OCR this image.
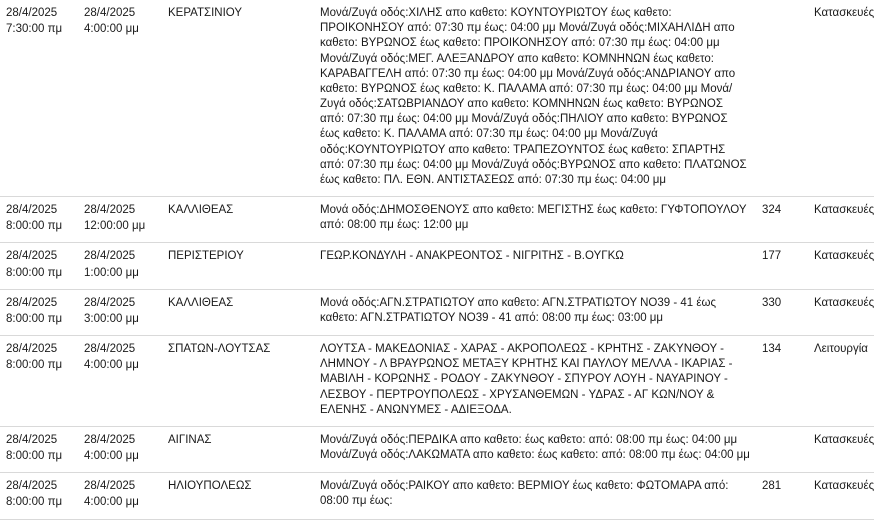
28/4/2025
7:30:00 πμ

28/4/2025
4:00:00 μμ
	ΚΕΡΑΤΣΙΝΙΟΥ	Μονά/Ζυγά οδός:ΧΙΛΗΣ απο καθετο: ΚΟΥΝΤΟΥΡΙΩΤΟΥ έως καθετο: ΠΡΟΙΚΟΝΗΣΟΥ από: 07:30 πμ έως: 04:00 μμ Μονά/Ζυγά οδός:ΜΙΧΑΗΛΙΔΗ απο καθετο: ΒΥΡΩΝΟΣ έως καθετο: ΠΡΟΙΚΟΝΗΣΟΥ από: 07:30 πμ έως: 04:00 μμ Μονά/Ζυγά οδός:ΜΕΓ. ΑΛΕΞΑΝΔΡΟΥ απο καθετο: ΚΟΜΝΗΝΩΝ έως καθετο: ΚΑΡΑΒΑΓΓΕΛΗ από: 07:30 πμ έως: 04:00 μμ Μονά/Ζυγά οδός:ΑΝΔΡΙΑΝΟΥ απο καθετο: ΒΥΡΩΝΟΣ έως καθετο: Κ. ΠΑΛΑΜΑ από: 07:30 πμ έως: 04:00 μμ Μονά/Ζυγά οδός:ΣΑΤΩΒΡΙΑΝΔΟΥ απο καθετο: ΚΟΜΝΗΝΩΝ έως καθετο: ΒΥΡΩΝΟΣ από: 07:30 πμ έως: 04:00 μμ Μονά/Ζυγά οδός:ΠΗΛΙΟΥ απο καθετο: ΒΥΡΩΝΟΣ έως καθετο: Κ. ΠΑΛΑΜΑ από: 07:30 πμ έως: 04:00 μμ Μονά/Ζυγά οδός:ΚΟΥΝΤΟΥΡΙΩΤΟΥ απο καθετο: ΤΡΑΠΕΖΟΥΝΤΟΣ έως καθετο: ΣΠΑΡΤΗΣ από: 07:30 πμ έως: 04:00 μμ Μονά/Ζυγά οδός:ΒΥΡΩΝΟΣ απο καθετο: ΠΛΑΤΩΝΟΣ έως καθετο: ΠΛ. ΕΘΝ. ΑΝΤΙΣΤΑΣΕΩΣ από: 07:30 πμ έως: 04:00 μμ		Κατασκευές

28/4/2025
8:00:00 πμ

28/4/2025
12:00:00 μμ
	ΚΑΛΛΙΘΕΑΣ	Μονά οδός:ΔΗΜΟΣΘΕΝΟΥΣ απο καθετο: ΜΕΓΙΣΤΗΣ έως καθετο: ΓΥΦΤΟΠΟΥΛΟΥ από: 08:00 πμ έως: 12:00 μμ	324	Κατασκευές

28/4/2025
8:00:00 πμ

28/4/2025
1:00:00 μμ
	ΠΕΡΙΣΤΕΡΙΟΥ	ΓΕΩΡ.ΚΟΝΔΥΛΗ - ΑΝΑΚΡΕΟΝΤΟΣ - ΝΙΓΡΙΤΗΣ - Β.ΟΥΓΚΩ	177	Κατασκευές

28/4/2025
8:00:00 πμ

28/4/2025
3:00:00 μμ
	ΚΑΛΛΙΘΕΑΣ	Μονά οδός:ΑΓΝ.ΣΤΡΑΤΙΩΤΟΥ απο καθετο: ΑΓΝ.ΣΤΡΑΤΙΩΤΟΥ ΝΟ39 - 41 έως καθετο: ΑΓΝ.ΣΤΡΑΤΙΩΤΟΥ ΝΟ39 - 41 από: 08:00 πμ έως: 03:00 μμ	330	Κατασκευές

28/4/2025
8:00:00 πμ

28/4/2025
4:00:00 μμ
	ΣΠΑΤΩΝ-ΛΟΥΤΣΑΣ	ΛΟΥΤΣΑ - ΜΑΚΕΔΟΝΙΑΣ - ΧΑΡΑΣ - ΑΚΡΟΠΟΛΕΩΣ - ΚΡΗΤΗΣ - ΖΑΚΥΝΘΟΥ - ΛΗΜΝΟΥ - Λ ΒΡΑΥΡΩΝΟΣ ΜΕΤΑΞΥ ΚΡΗΤΗΣ ΚΑΙ ΠΑΥΛΟΥ ΜΕΛΛΑ - ΙΚΑΡΙΑΣ - ΜΑΒΙΛΗ - ΚΟΡΩΝΗΣ - ΡΟΔΟΥ - ΖΑΚΥΝΘΟΥ - ΣΠΥΡΟΥ ΛΟΥΗ - ΝΑΥΑΡΙΝΟΥ - ΛΕΣΒΟΥ - ΠΕΡΤΡΟΥΠΟΛΕΩΣ - ΧΡΥΣΑΝΘΕΜΩΝ - ΥΔΡΑΣ - ΑΓ ΚΩΝ/ΝΟΥ & ΕΛΕΝΗΣ - ΑΝΩΝΥΜΕΣ - ΑΔΙΕΞΟΔΑ.	134	Λειτουργία

28/4/2025
8:00:00 πμ

28/4/2025
4:00:00 μμ
	ΑΙΓΙΝΑΣ	Μονά/Ζυγά οδός:ΠΕΡΔΙΚΑ απο καθετο: έως καθετο: από: 08:00 πμ έως: 04:00 μμ Μονά/Ζυγά οδός:ΛΑΚΩΜΑΤΑ απο καθετο: έως καθετο: από: 08:00 πμ έως: 04:00 μμ		Κατασκευές

28/4/2025
8:00:00 πμ

28/4/2025
4:00:00 μμ
	ΗΛΙΟΥΠΟΛΕΩΣ	Μονά/Ζυγά οδός:ΡΑΙΚΟΥ απο καθετο: ΒΕΡΜΙΟΥ έως καθετο: ΦΩΤΟΜΑΡΑ από: 08:00 πμ έως:	281	Κατασκευές
